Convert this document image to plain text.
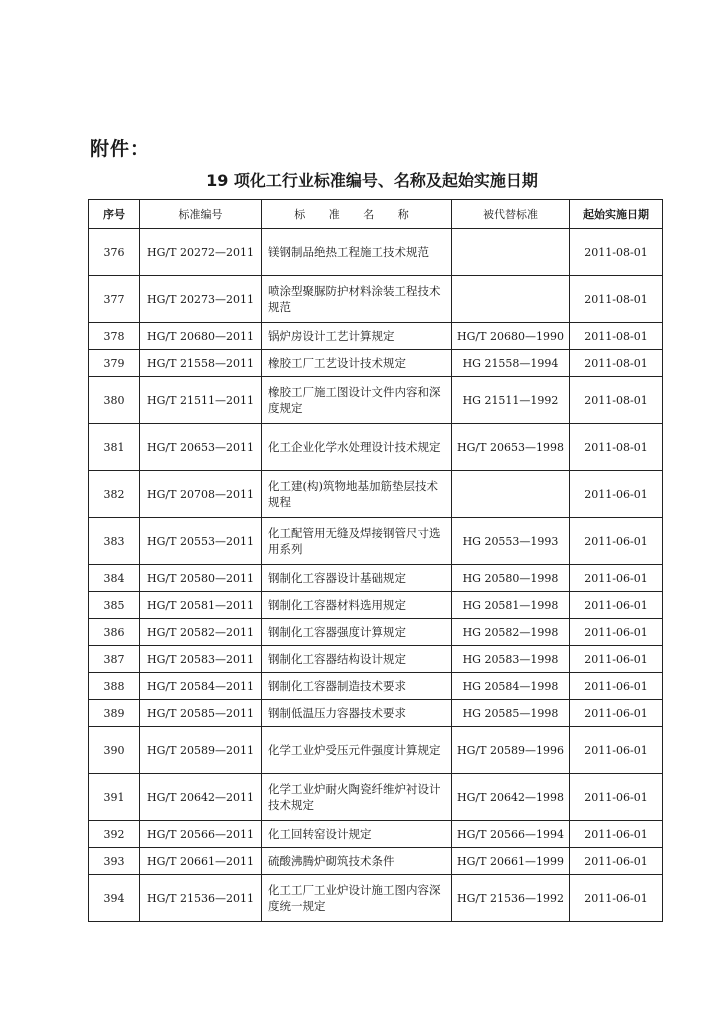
附件：
19 项化工行业标准编号、名称及起始实施日期
序号	标准编号	标 准 名 称	被代替标准	起始实施日期
376	HG/T 20272—2011	镁钢制品绝热工程施工技术规范		2011-08-01
377	HG/T 20273—2011	喷涂型聚脲防护材料涂装工程技术规范		2011-08-01
378	HG/T 20680—2011	锅炉房设计工艺计算规定	HG/T 20680—1990	2011-08-01
379	HG/T 21558—2011	橡胶工厂工艺设计技术规定	HG 21558—1994	2011-08-01
380	HG/T 21511—2011	橡胶工厂施工图设计文件内容和深度规定	HG 21511—1992	2011-08-01
381	HG/T 20653—2011	化工企业化学水处理设计技术规定	HG/T 20653—1998	2011-08-01
382	HG/T 20708—2011	化工建(构)筑物地基加筋垫层技术规程		2011-06-01
383	HG/T 20553—2011	化工配管用无缝及焊接钢管尺寸选用系列	HG 20553—1993	2011-06-01
384	HG/T 20580—2011	钢制化工容器设计基础规定	HG 20580—1998	2011-06-01
385	HG/T 20581—2011	钢制化工容器材料选用规定	HG 20581—1998	2011-06-01
386	HG/T 20582—2011	钢制化工容器强度计算规定	HG 20582—1998	2011-06-01
387	HG/T 20583—2011	钢制化工容器结构设计规定	HG 20583—1998	2011-06-01
388	HG/T 20584—2011	钢制化工容器制造技术要求	HG 20584—1998	2011-06-01
389	HG/T 20585—2011	钢制低温压力容器技术要求	HG 20585—1998	2011-06-01
390	HG/T 20589—2011	化学工业炉受压元件强度计算规定	HG/T 20589—1996	2011-06-01
391	HG/T 20642—2011	化学工业炉耐火陶瓷纤维炉衬设计技术规定	HG/T 20642—1998	2011-06-01
392	HG/T 20566—2011	化工回转窑设计规定	HG/T 20566—1994	2011-06-01
393	HG/T 20661—2011	硫酸沸腾炉砌筑技术条件	HG/T 20661—1999	2011-06-01
394	HG/T 21536—2011	化工工厂工业炉设计施工图内容深度统一规定	HG/T 21536—1992	2011-06-01
